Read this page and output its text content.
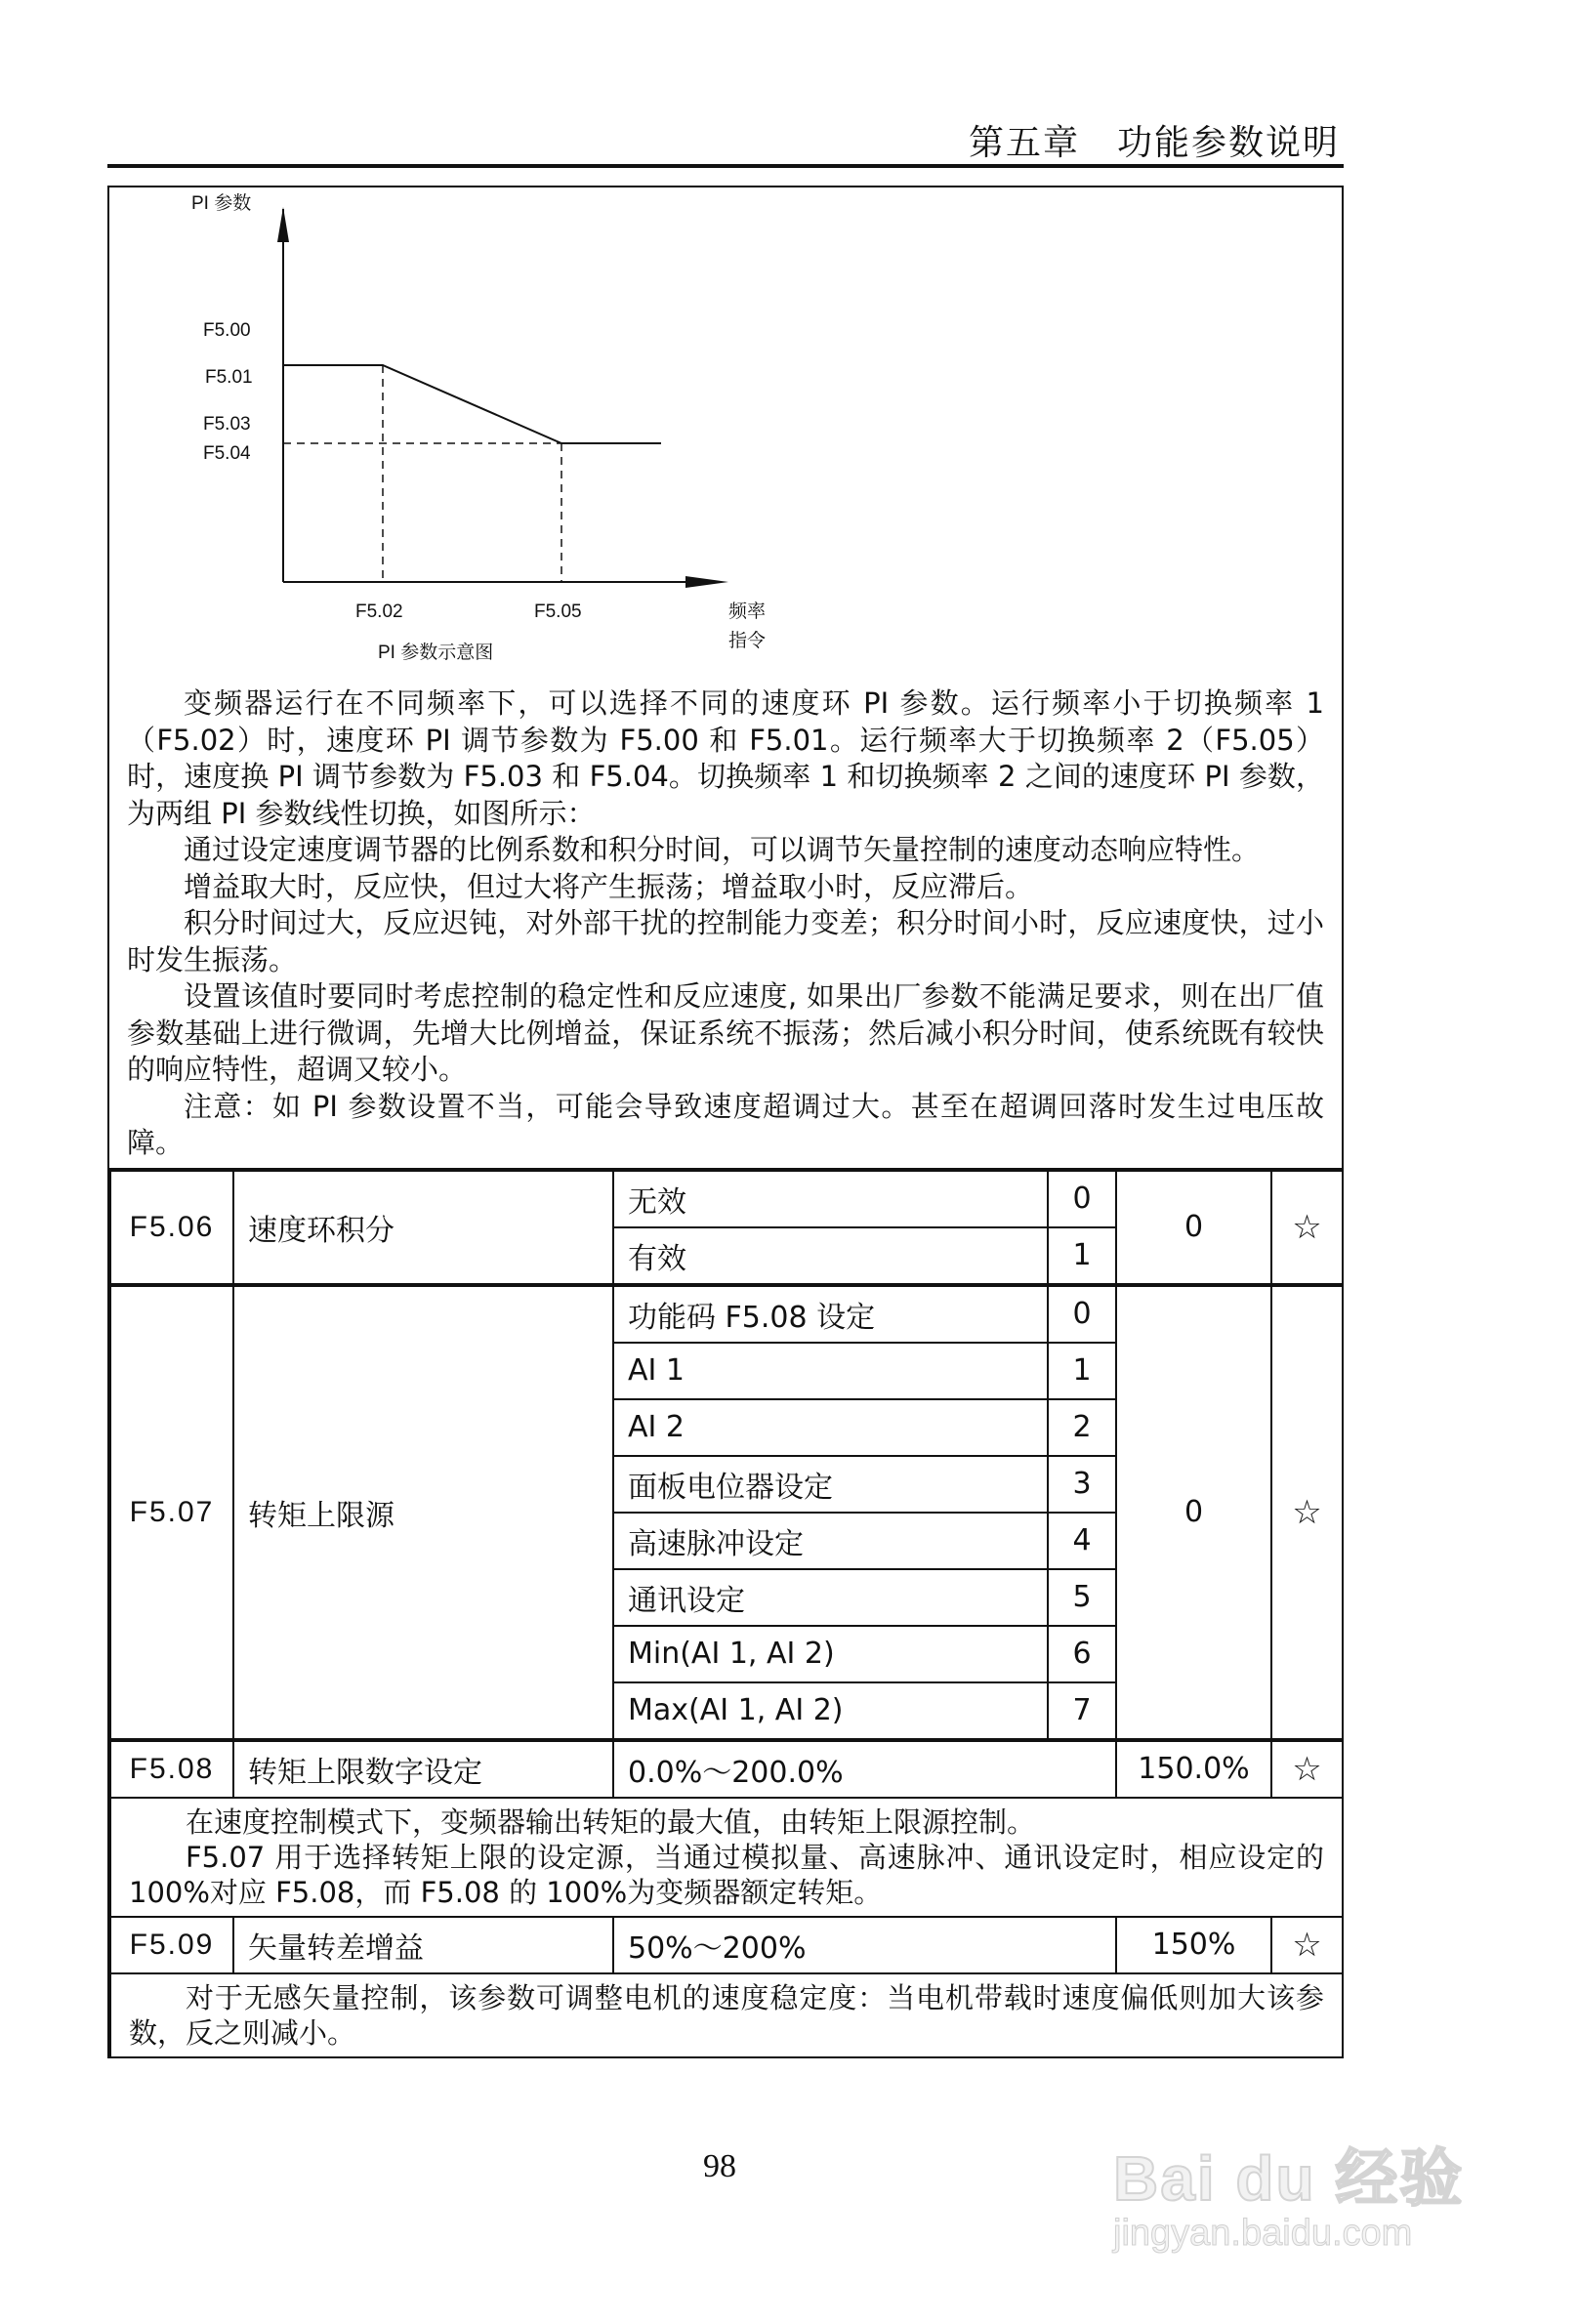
第五章　功能参数说明
PI 参数
F5.00
F5.01
F5.03
F5.04
F5.02	F5.05	频率
指令
PI 参数示意图

变频器运行在不同频率下，可以选择不同的速度环 PI 参数。运行频率小于切换频率 1（F5.02）时，速度环 PI 调节参数为 F5.00 和 F5.01。运行频率大于切换频率 2（F5.05）时，速度换 PI 调节参数为 F5.03 和 F5.04。切换频率 1 和切换频率 2 之间的速度环 PI 参数，为两组 PI 参数线性切换，如图所示：

通过设定速度调节器的比例系数和积分时间，可以调节矢量控制的速度动态响应特性。

增益取大时，反应快，但过大将产生振荡；增益取小时，反应滞后。

积分时间过大，反应迟钝，对外部干扰的控制能力变差；积分时间小时，反应速度快，过小时发生振荡。

设置该值时要同时考虑控制的稳定性和反应速度, 如果出厂参数不能满足要求，则在出厂值参数基础上进行微调，先增大比例增益，保证系统不振荡；然后减小积分时间，使系统既有较快的响应特性，超调又较小。

注意：如 PI 参数设置不当，可能会导致速度超调过大。甚至在超调回落时发生过电压故障。

F5.06	速度环积分	无效	0	0	☆
		有效	1		
F5.07	转矩上限源	功能码 F5.08 设定	0	0	☆
		AI 1	1		
		AI 2	2		
		面板电位器设定	3		
		高速脉冲设定	4		
		通讯设定	5		
		Min(AI 1, AI 2)	6		
		Max(AI 1, AI 2)	7		
F5.08	转矩上限数字设定	0.0%～200.0%		150.0%	☆

在速度控制模式下，变频器输出转矩的最大值，由转矩上限源控制。

F5.07 用于选择转矩上限的设定源，当通过模拟量、高速脉冲、通讯设定时，相应设定的 100%对应 F5.08，而 F5.08 的 100%为变频器额定转矩。					

F5.09	矢量转差增益	50%～200%		150%	☆

对于无感矢量控制，该参数可调整电机的速度稳定度：当电机带载时速度偏低则加大该参数，反之则减小。					

98	Bai du 经验
jingyan.baidu.com
